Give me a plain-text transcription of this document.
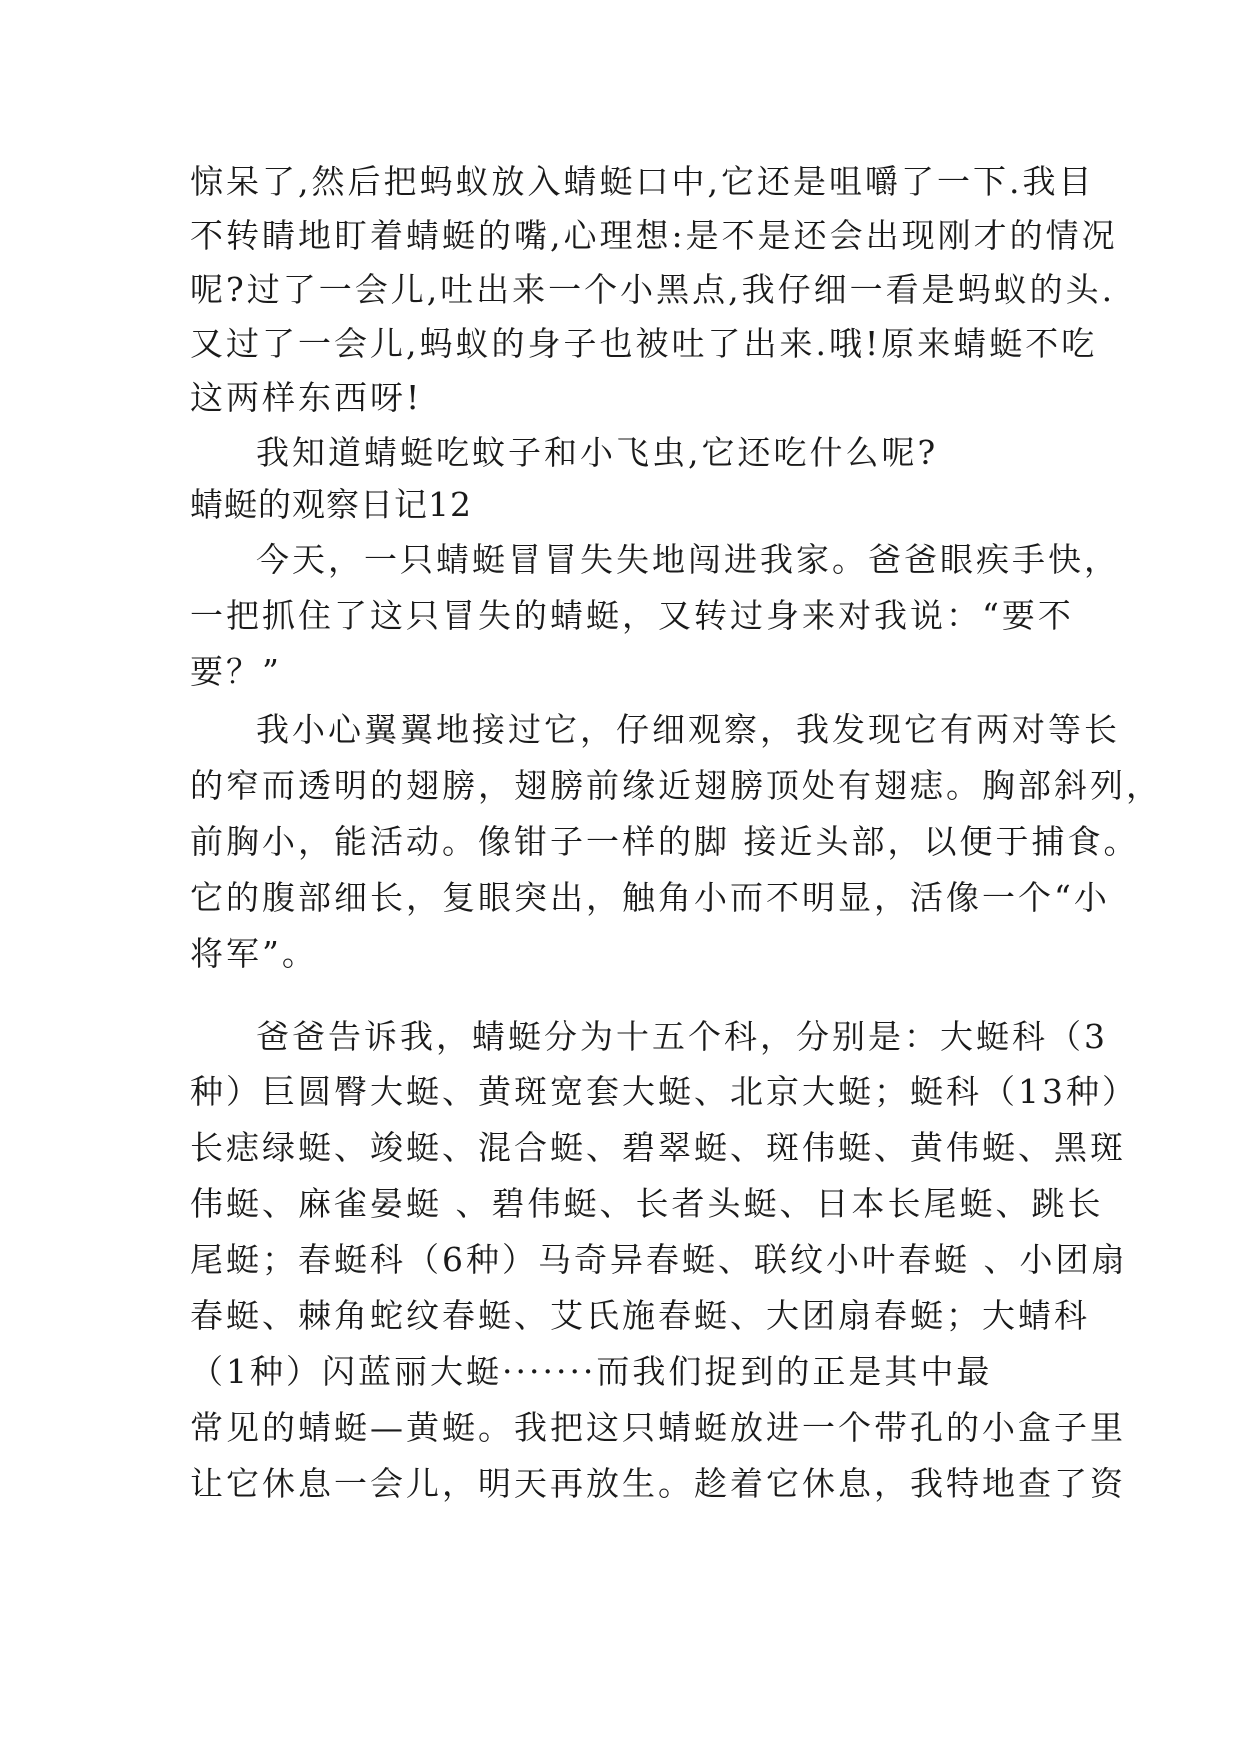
惊呆了,然后把蚂蚁放入蜻蜓口中,它还是咀嚼了一下.我目
不转睛地盯着蜻蜓的嘴,心理想:是不是还会出现刚才的情况
呢?过了一会儿,吐出来一个小黑点,我仔细一看是蚂蚁的头.
又过了一会儿,蚂蚁的身子也被吐了出来.哦!原来蜻蜓不吃
这两样东西呀!
我知道蜻蜓吃蚊子和小飞虫,它还吃什么呢?
蜻蜓的观察日记12
今天，一只蜻蜓冒冒失失地闯进我家。爸爸眼疾手快，
一把抓住了这只冒失的蜻蜓，又转过身来对我说：“要不
要？”
我小心翼翼地接过它，仔细观察，我发现它有两对等长
的窄而透明的翅膀，翅膀前缘近翅膀顶处有翅痣。胸部斜列，
前胸小，能活动。像钳子一样的脚 接近头部，以便于捕食。
它的腹部细长，复眼突出，触角小而不明显，活像一个“小
将军”。
爸爸告诉我，蜻蜓分为十五个科，分别是：大蜓科（3
种）巨圆臀大蜓、黄斑宽套大蜓、北京大蜓；蜓科（13种）
长痣绿蜓、竣蜓、混合蜓、碧翠蜓、斑伟蜓、黄伟蜓、黑斑
伟蜓、麻雀晏蜓 、碧伟蜓、长者头蜓、日本长尾蜓、跳长
尾蜓；春蜓科（6种）马奇异春蜓、联纹小叶春蜓 、小团扇
春蜓、棘角蛇纹春蜓、艾氏施春蜓、大团扇春蜓；大蜻科
（1种）闪蓝丽大蜓·······而我们捉到的正是其中最
常见的蜻蜓—黄蜓。我把这只蜻蜓放进一个带孔的小盒子里
让它休息一会儿，明天再放生。趁着它休息，我特地查了资
